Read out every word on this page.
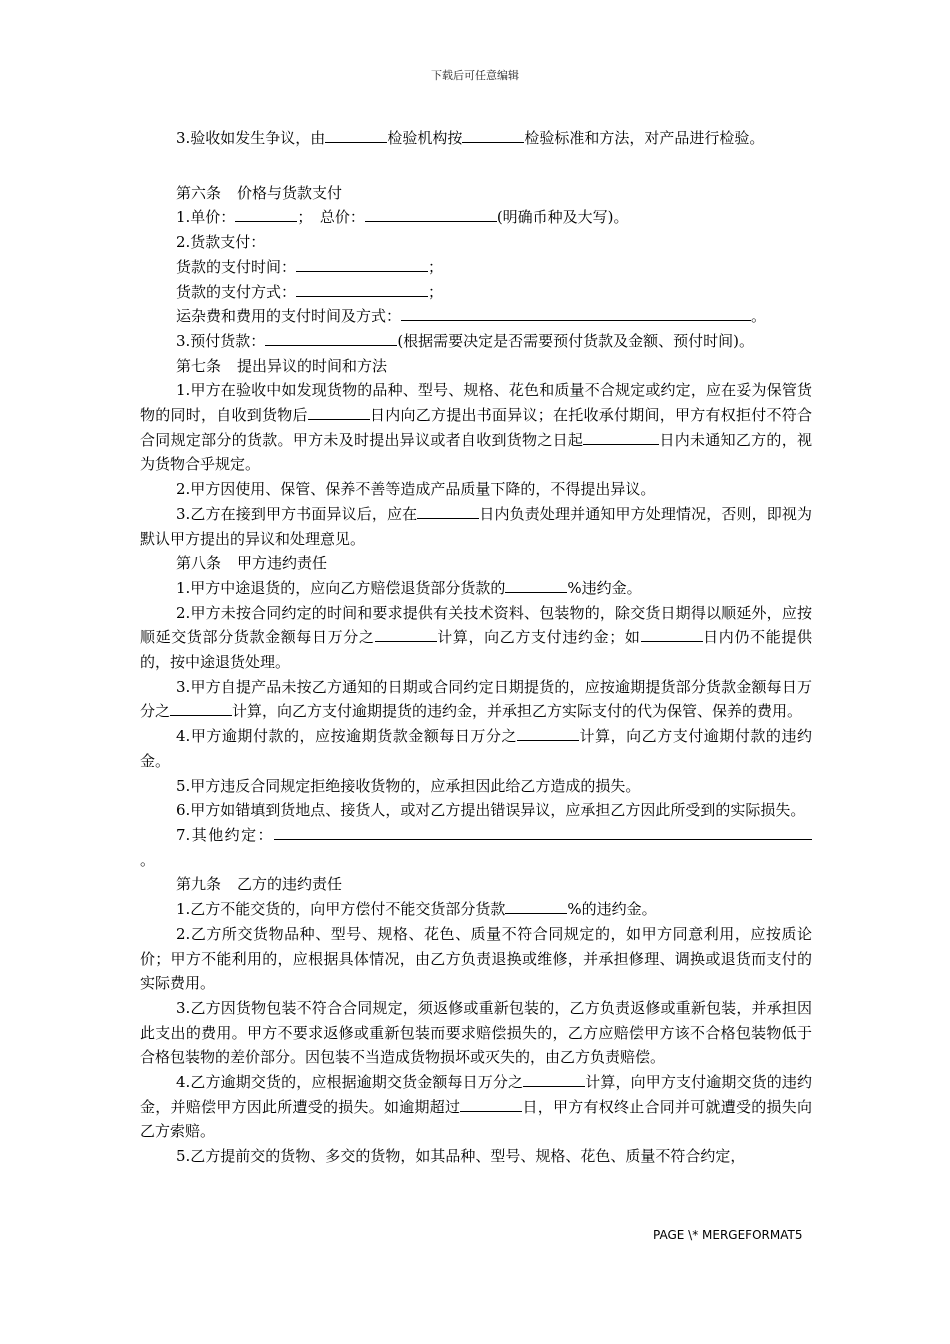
下载后可任意编辑

3.验收如发生争议，由	检验机构按	检验标准和方法，对产品进行检验。

第六条 价格与货款支付

1.单价：	；　总价：	(明确币种及大写)。

2.货款支付：

货款的支付时间：	；

货款的支付方式：	；

运杂费和费用的支付时间及方式：	。

3.预付货款：	(根据需要决定是否需要预付货款及金额、预付时间)。

第七条 提出异议的时间和方法

1.甲方在验收中如发现货物的品种、型号、规格、花色和质量不合规定或约定，应在妥为保管货物的同时，自收到货物后	日内向乙方提出书面异议；在托收承付期间，甲方有权拒付不符合合同规定部分的货款。甲方未及时提出异议或者自收到货物之日起	日内未通知乙方的，视为货物合乎规定。

2.甲方因使用、保管、保养不善等造成产品质量下降的，不得提出异议。

3.乙方在接到甲方书面异议后，应在	日内负责处理并通知甲方处理情况，否则，即视为默认甲方提出的异议和处理意见。

第八条 甲方违约责任

1.甲方中途退货的，应向乙方赔偿退货部分货款的	%违约金。

2.甲方未按合同约定的时间和要求提供有关技术资料、包装物的，除交货日期得以顺延外，应按顺延交货部分货款金额每日万分之	计算，向乙方支付违约金；如	日内仍不能提供的，按中途退货处理。

3.甲方自提产品未按乙方通知的日期或合同约定日期提货的，应按逾期提货部分货款金额每日万分之	计算，向乙方支付逾期提货的违约金，并承担乙方实际支付的代为保管、保养的费用。

4.甲方逾期付款的，应按逾期货款金额每日万分之	计算，向乙方支付逾期付款的违约金。

5.甲方违反合同规定拒绝接收货物的，应承担因此给乙方造成的损失。

6.甲方如错填到货地点、接货人，或对乙方提出错误异议，应承担乙方因此所受到的实际损失。

7.其他约定：。

第九条 乙方的违约责任

1.乙方不能交货的，向甲方偿付不能交货部分货款	%的违约金。

2.乙方所交货物品种、型号、规格、花色、质量不符合同规定的，如甲方同意利用，应按质论价；甲方不能利用的，应根据具体情况，由乙方负责退换或维修，并承担修理、调换或退货而支付的实际费用。

3.乙方因货物包装不符合合同规定，须返修或重新包装的，乙方负责返修或重新包装，并承担因此支出的费用。甲方不要求返修或重新包装而要求赔偿损失的，乙方应赔偿甲方该不合格包装物低于合格包装物的差价部分。因包装不当造成货物损坏或灭失的，由乙方负责赔偿。

4.乙方逾期交货的，应根据逾期交货金额每日万分之	计算，向甲方支付逾期交货的违约金，并赔偿甲方因此所遭受的损失。如逾期超过	日，甲方有权终止合同并可就遭受的损失向乙方索赔。

5.乙方提前交的货物、多交的货物，如其品种、型号、规格、花色、质量不符合约定，

PAGE \* MERGEFORMAT5
